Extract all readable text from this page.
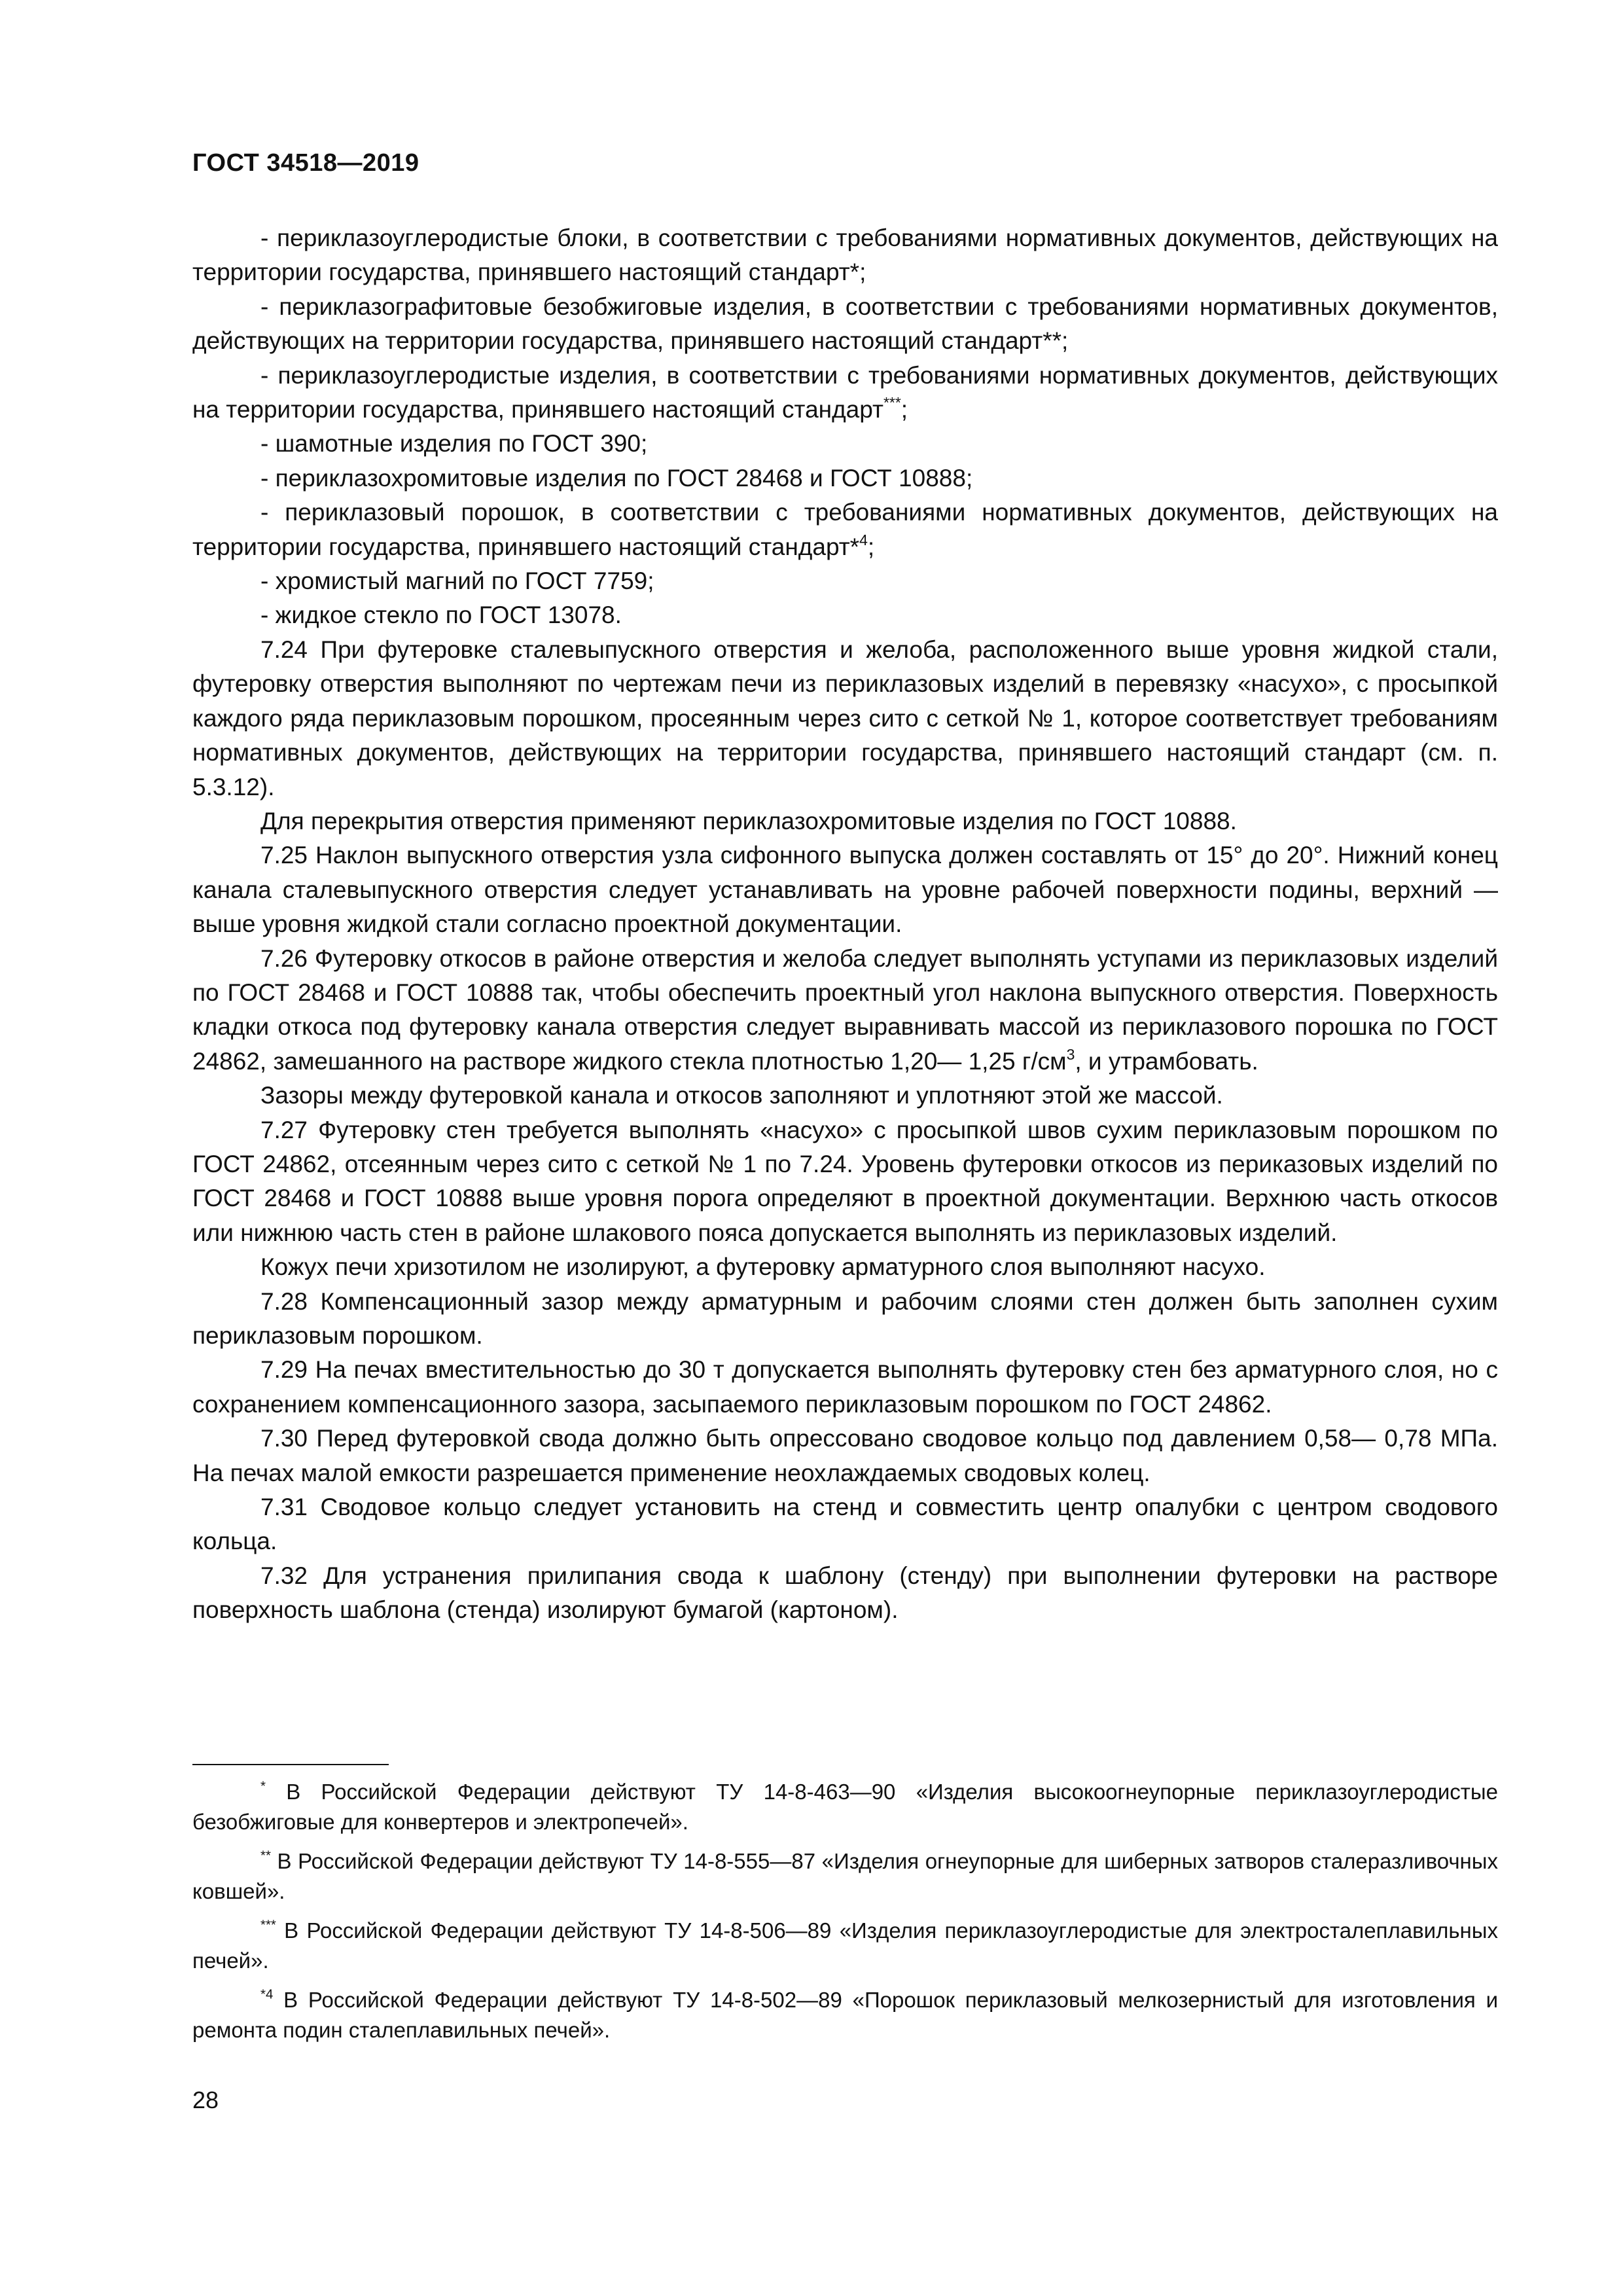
ГОСТ 34518—2019

- периклазоуглеродистые блоки, в соответствии с требованиями нормативных документов, действующих на территории государства, принявшего настоящий стандарт*;

- периклазографитовые безобжиговые изделия, в соответствии с требованиями нормативных документов, действующих на территории государства, принявшего настоящий стандарт**;

- периклазоуглеродистые изделия, в соответствии с требованиями нормативных документов, действующих на территории государства, принявшего настоящий стандарт***;

- шамотные изделия по ГОСТ 390;

- периклазохромитовые изделия по ГОСТ 28468 и ГОСТ 10888;

- периклазовый порошок, в соответствии с требованиями нормативных документов, действующих на территории государства, принявшего настоящий стандарт*$^4$;

- хромистый магний по ГОСТ 7759;

- жидкое стекло по ГОСТ 13078.

7.24 При футеровке сталевыпускного отверстия и желоба, расположенного выше уровня жидкой стали, футеровку отверстия выполняют по чертежам печи из периклазовых изделий в перевязку «насухо», с просыпкой каждого ряда периклазовым порошком, просеянным через сито с сеткой № 1, которое соответствует требованиям нормативных документов, действующих на территории государства, принявшего настоящий стандарт (см. п. 5.3.12).

Для перекрытия отверстия применяют периклазохромитовые изделия по ГОСТ 10888.

7.25 Наклон выпускного отверстия узла сифонного выпуска должен составлять от 15° до 20°. Нижний конец канала сталевыпускного отверстия следует устанавливать на уровне рабочей поверхности подины, верхний — выше уровня жидкой стали согласно проектной документации.

7.26 Футеровку откосов в районе отверстия и желоба следует выполнять уступами из периклазовых изделий по ГОСТ 28468 и ГОСТ 10888 так, чтобы обеспечить проектный угол наклона выпускного отверстия. Поверхность кладки откоса под футеровку канала отверстия следует выравнивать массой из периклазового порошка по ГОСТ 24862, замешанного на растворе жидкого стекла плотностью 1,20— 1,25 $г/см^3$, и утрамбовать.

Зазоры между футеровкой канала и откосов заполняют и уплотняют этой же массой.

7.27 Футеровку стен требуется выполнять «насухо» с просыпкой швов сухим периклазовым порошком по ГОСТ 24862, отсеянным через сито с сеткой № 1 по 7.24. Уровень футеровки откосов из периказовых изделий по ГОСТ 28468 и ГОСТ 10888 выше уровня порога определяют в проектной документации. Верхнюю часть откосов или нижнюю часть стен в районе шлакового пояса допускается выполнять из периклазовых изделий.

Кожух печи хризотилом не изолируют, а футеровку арматурного слоя выполняют насухо.

7.28 Компенсационный зазор между арматурным и рабочим слоями стен должен быть заполнен сухим периклазовым порошком.

7.29 На печах вместительностью до 30 т допускается выполнять футеровку стен без арматурного слоя, но с сохранением компенсационного зазора, засыпаемого периклазовым порошком по ГОСТ 24862.

7.30 Перед футеровкой свода должно быть опрессовано сводовое кольцо под давлением 0,58— 0,78 МПа. На печах малой емкости разрешается применение неохлаждаемых сводовых колец.

7.31 Сводовое кольцо следует установить на стенд и совместить центр опалубки с центром сводового кольца.

7.32 Для устранения прилипания свода к шаблону (стенду) при выполнении футеровки на растворе поверхность шаблона (стенда) изолируют бумагой (картоном).

* В Российской Федерации действуют ТУ 14-8-463—90 «Изделия высокоогнеупорные периклазоуглеродистые безобжиговые для конвертеров и электропечей».

** В Российской Федерации действуют ТУ 14-8-555—87 «Изделия огнеупорные для шиберных затворов сталеразливочных ковшей».

*** В Российской Федерации действуют ТУ 14-8-506—89 «Изделия периклазоуглеродистые для электросталеплавильных печей».

$^{*4}$ В Российской Федерации действуют ТУ 14-8-502—89 «Порошок периклазовый мелкозернистый для изготовления и ремонта подин сталеплавильных печей».

28
